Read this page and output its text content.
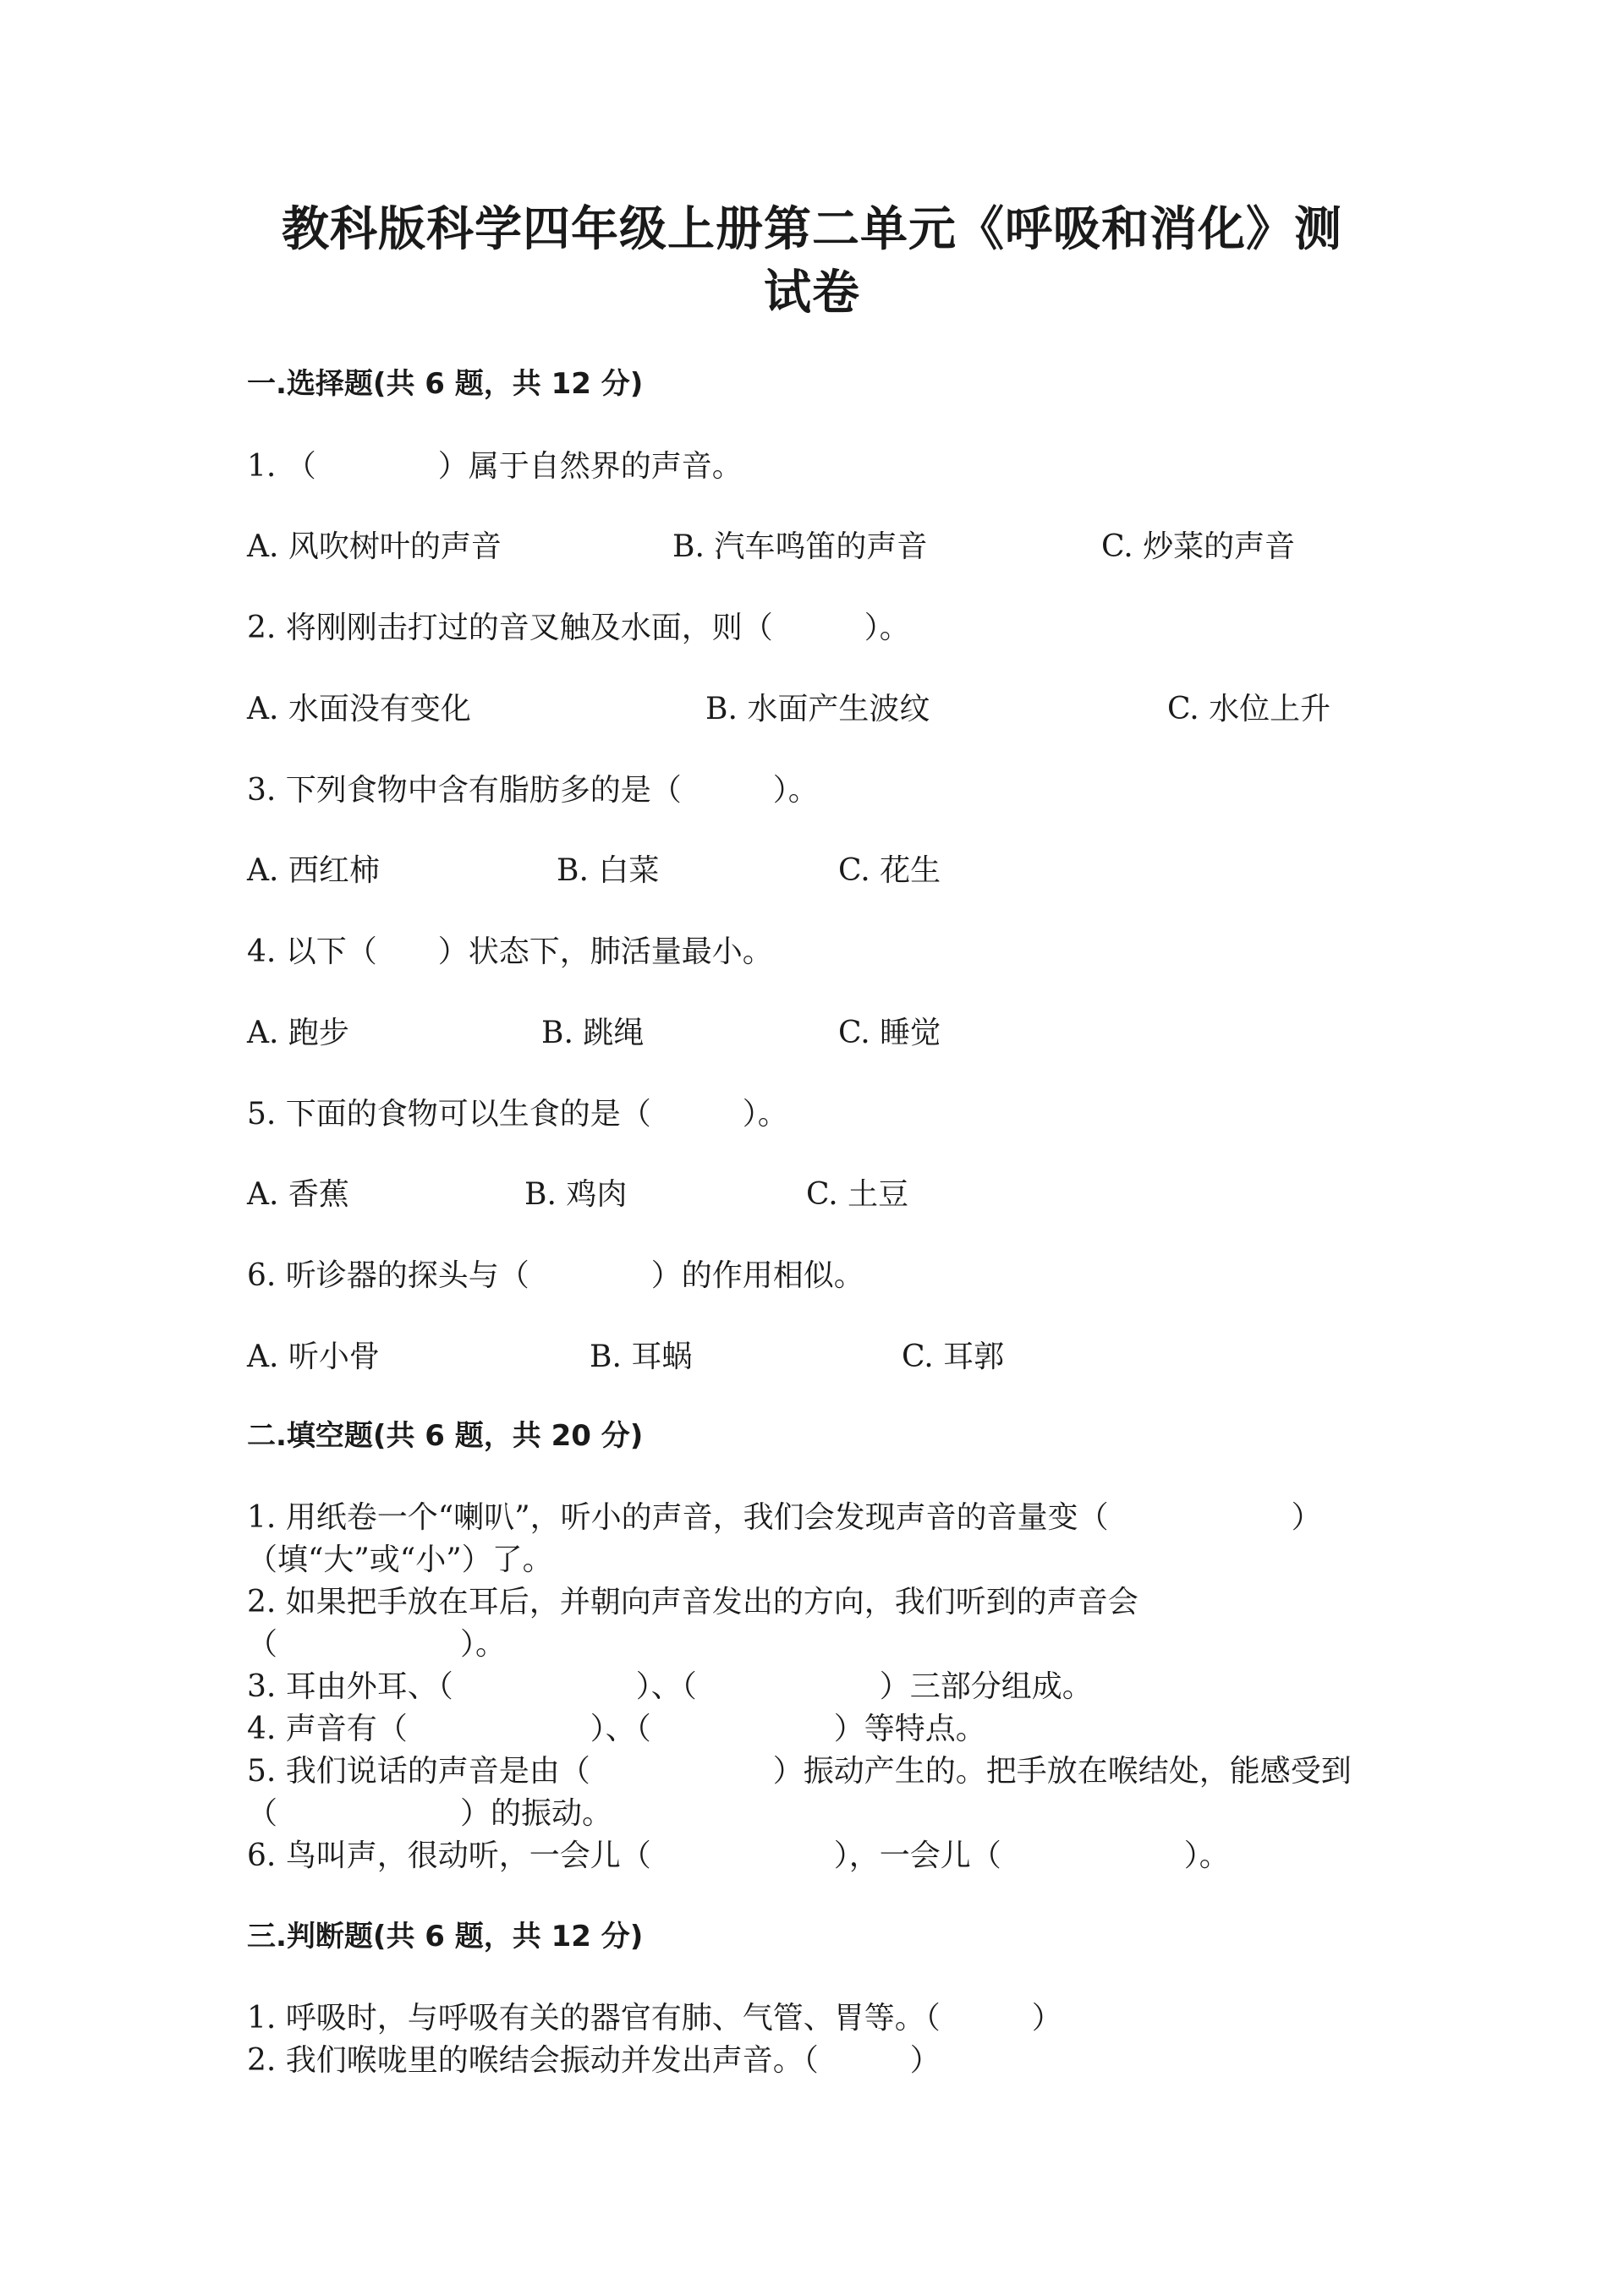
教科版科学四年级上册第二单元《呼吸和消化》测
试卷
一.选择题(共 6 题，共 12 分)
1. （　　　　）属于自然界的声音。
A. 风吹树叶的声音	B. 汽车鸣笛的声音	C. 炒菜的声音
2. 将刚刚击打过的音叉触及水面，则（　　　）。
A. 水面没有变化	B. 水面产生波纹	C. 水位上升
3. 下列食物中含有脂肪多的是（　　　）。
A. 西红柿	B. 白菜	C. 花生
4. 以下（　　）状态下，肺活量最小。
A. 跑步	B. 跳绳	C. 睡觉
5. 下面的食物可以生食的是（　　　）。
A. 香蕉	B. 鸡肉	C. 土豆
6. 听诊器的探头与（　　　　）的作用相似。
A. 听小骨	B. 耳蜗	C. 耳郭
二.填空题(共 6 题，共 20 分)
1. 用纸卷一个“喇叭”，听小的声音，我们会发现声音的音量变（　　　　　　）
（填“大”或“小”）了。
2. 如果把手放在耳后，并朝向声音发出的方向，我们听到的声音会
（　　　　　　）。
3. 耳由外耳、（　　　　　　）、（　　　　　　）三部分组成。
4. 声音有（　　　　　　）、（　　　　　　）等特点。
5. 我们说话的声音是由（　　　　　　）振动产生的。把手放在喉结处，能感受到
（　　　　　　）的振动。
6. 鸟叫声，很动听，一会儿（　　　　　　），一会儿（　　　　　　）。
三.判断题(共 6 题，共 12 分)
1. 呼吸时，与呼吸有关的器官有肺、气管、胃等。（　　　）
2. 我们喉咙里的喉结会振动并发出声音。（　　　）
